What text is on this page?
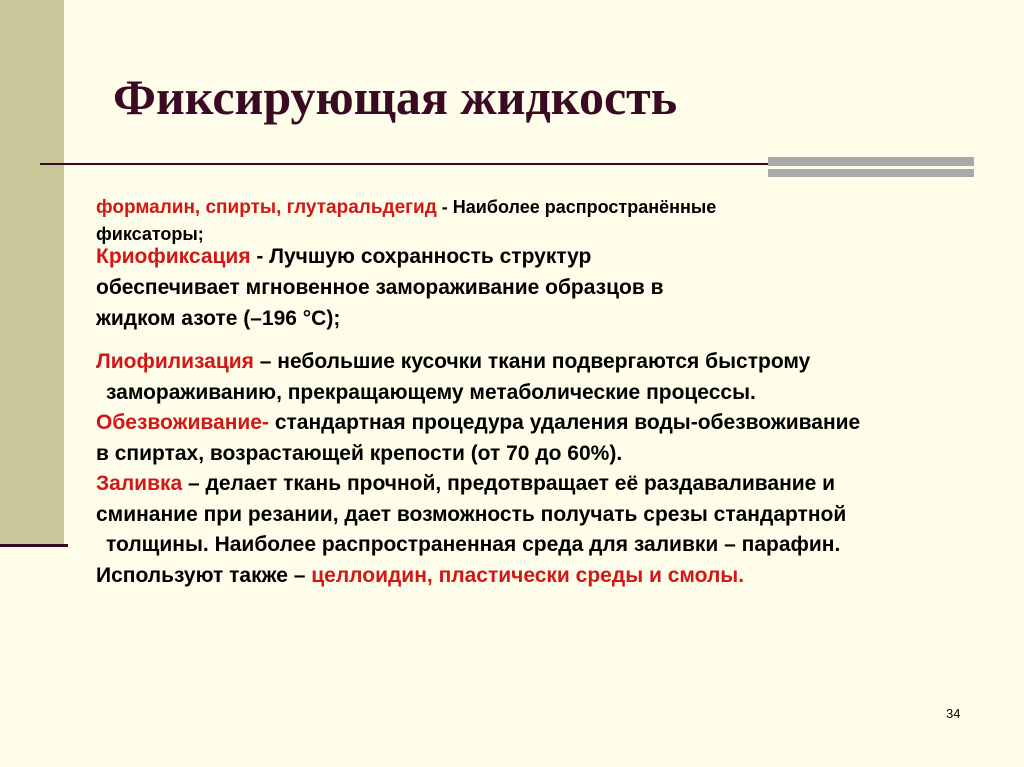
Фиксирующая жидкость

формалин, спирты, глутаральдегид - Наиболее распространённые
фиксаторы;

Криофиксация - Лучшую сохранность структур
обеспечивает мгновенное замораживание образцов в
жидком азоте (–196 °С);

Лиофилизация – небольшие кусочки ткани подвергаются быстрому
замораживанию, прекращающему метаболические процессы.
Обезвоживание- стандартная процедура удаления воды-обезвоживание
в спиртах, возрастающей крепости (от 70 до 60%).
Заливка – делает ткань прочной, предотвращает её раздаваливание и
сминание при резании, дает возможность получать срезы стандартной
толщины. Наиболее распространенная среда для заливки – парафин.
Используют также – целлоидин, пластически среды и смолы.

34
